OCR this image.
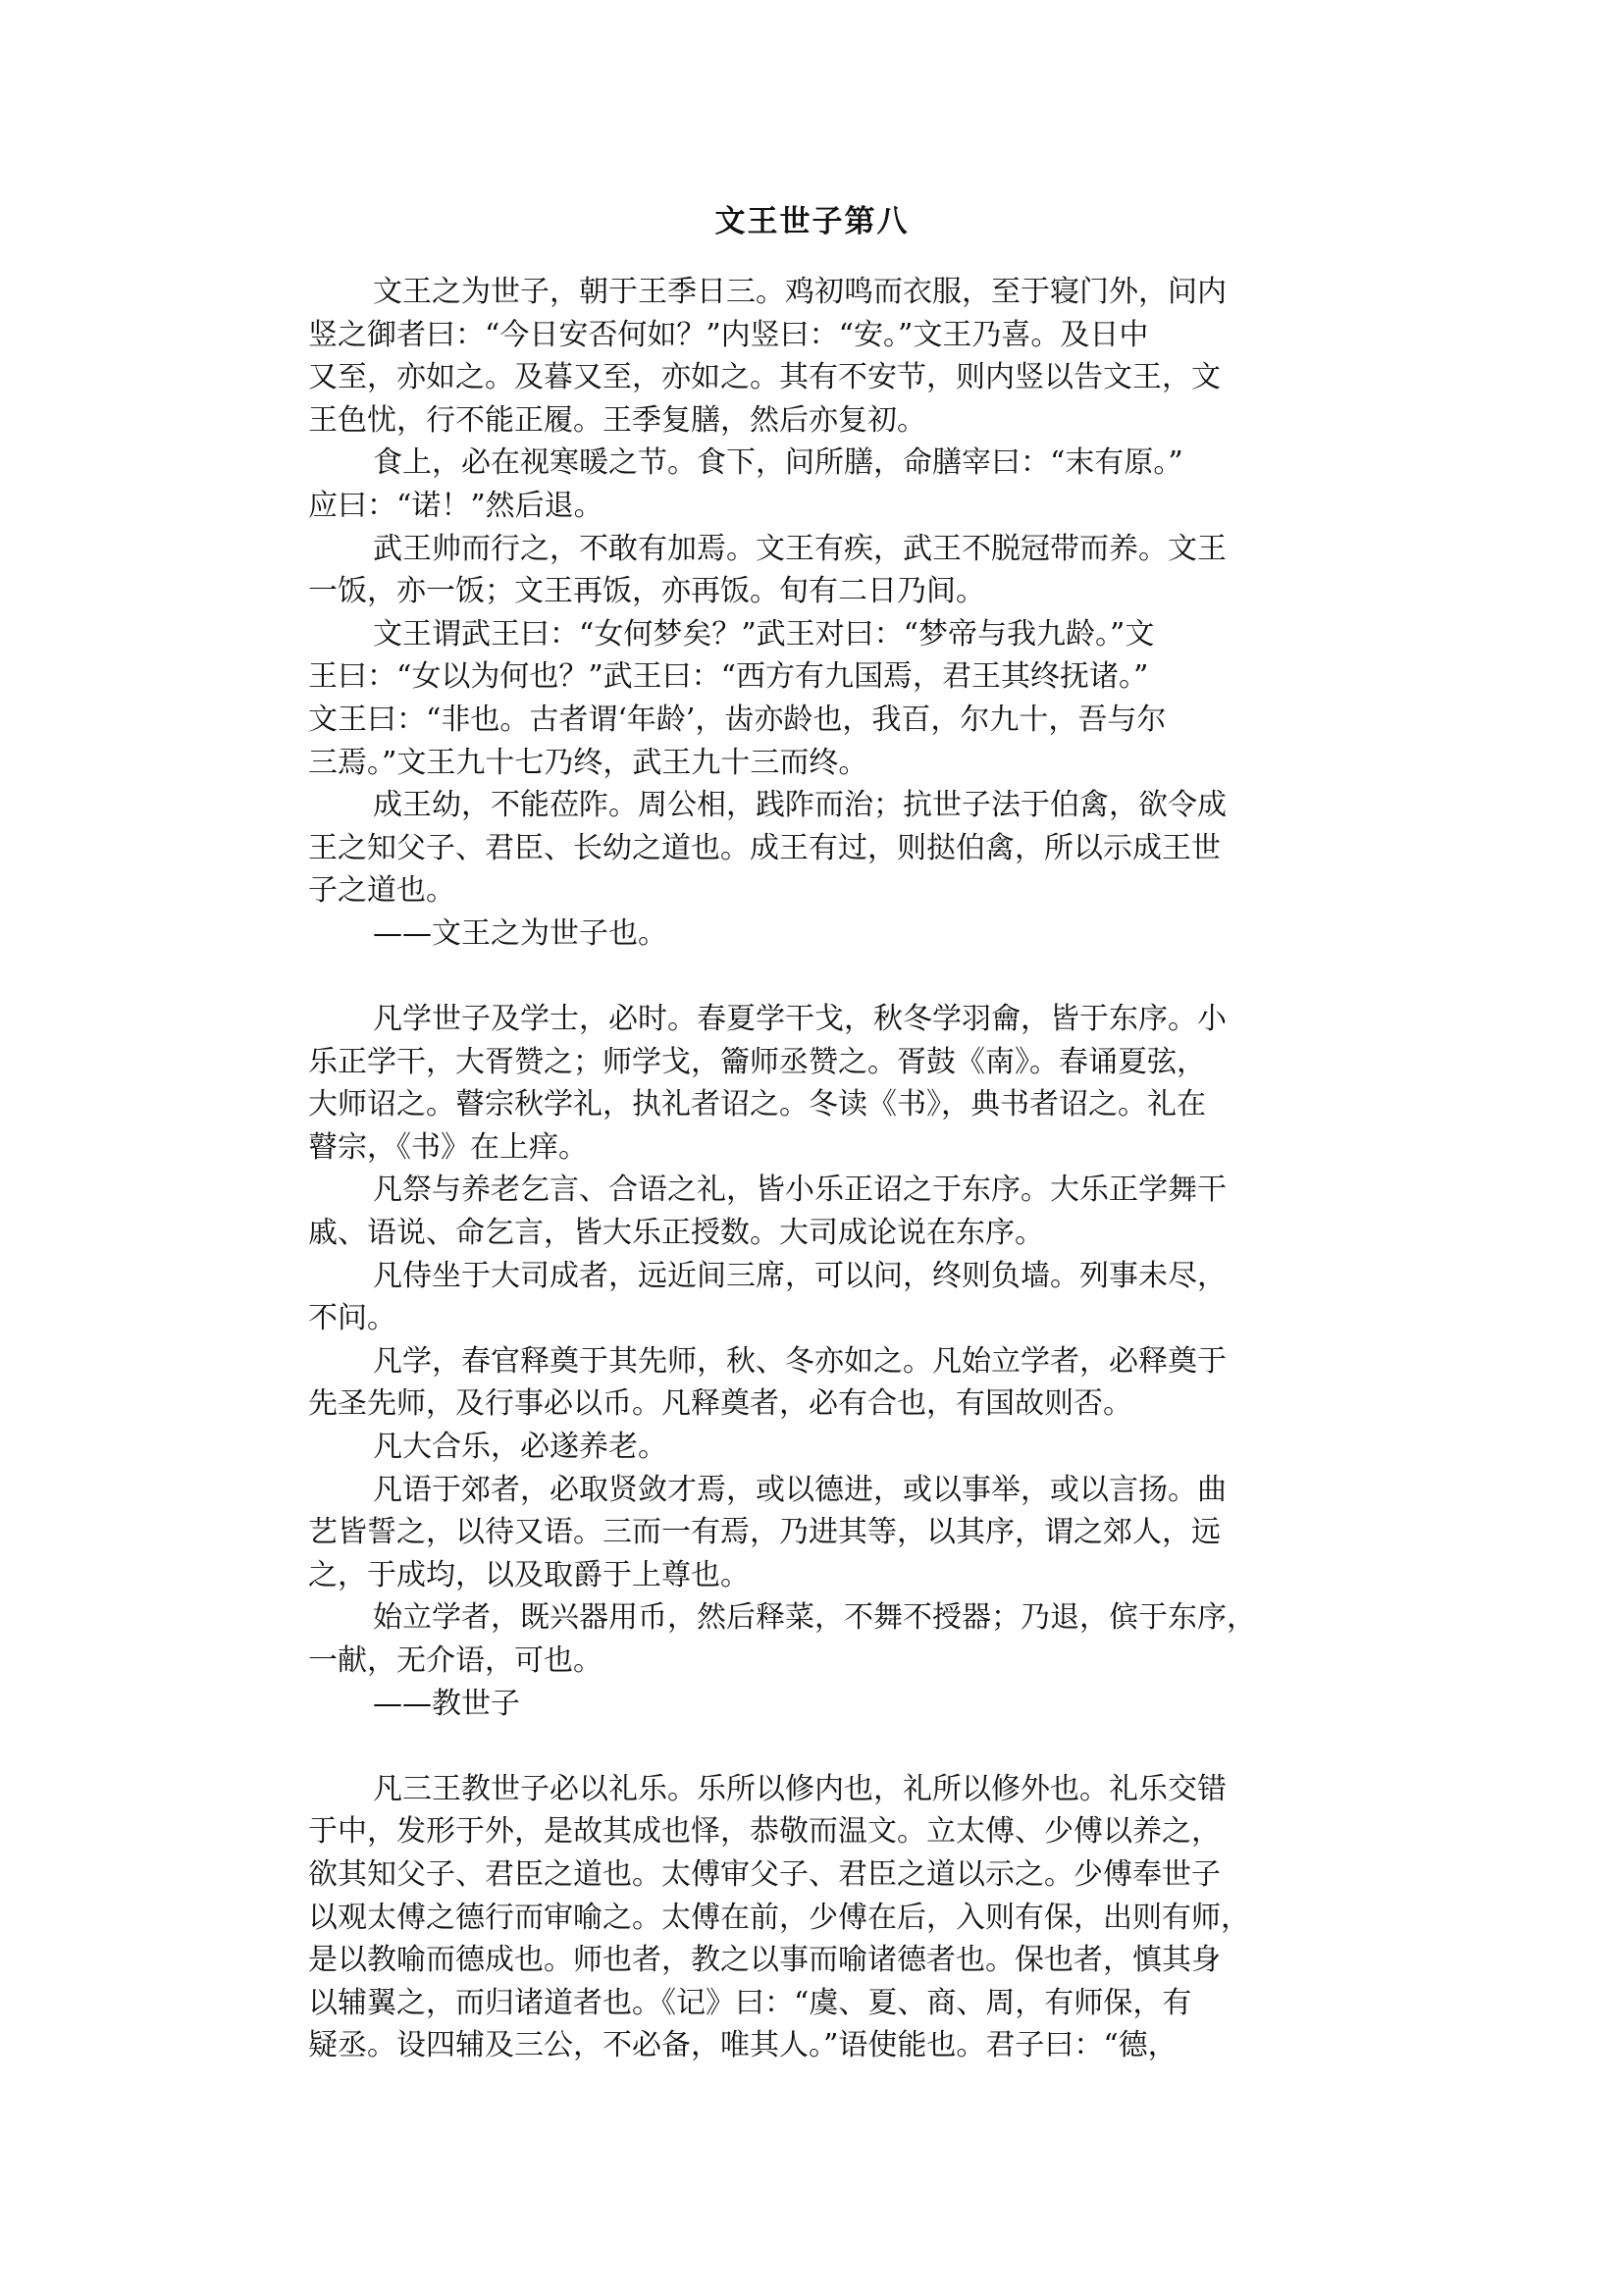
文王世子第八
文王之为世子，朝于王季日三。鸡初鸣而衣服，至于寝门外，问内
竖之御者曰：“今日安否何如？”内竖曰：“安。”文王乃喜。及日中
又至，亦如之。及暮又至，亦如之。其有不安节，则内竖以告文王，文
王色忧，行不能正履。王季复膳，然后亦复初。
食上，必在视寒暖之节。食下，问所膳，命膳宰曰：“末有原。”
应曰：“诺！”然后退。
武王帅而行之，不敢有加焉。文王有疾，武王不脱冠带而养。文王
一饭，亦一饭；文王再饭，亦再饭。旬有二日乃间。
文王谓武王曰：“女何梦矣？”武王对曰：“梦帝与我九龄。”文
王曰：“女以为何也？”武王曰：“西方有九国焉，君王其终抚诸。”
文王曰：“非也。古者谓‘年龄’，齿亦龄也，我百，尔九十，吾与尔
三焉。”文王九十七乃终，武王九十三而终。
成王幼，不能莅阼。周公相，践阼而治；抗世子法于伯禽，欲令成
王之知父子、君臣、长幼之道也。成王有过，则挞伯禽，所以示成王世
子之道也。
——文王之为世子也。
凡学世子及学士，必时。春夏学干戈，秋冬学羽龠，皆于东序。小
乐正学干，大胥赞之；师学戈，籥师丞赞之。胥鼓《南》。春诵夏弦，
大师诏之。瞽宗秋学礼，执礼者诏之。冬读《书》，典书者诏之。礼在
瞽宗，《书》在上痒。
凡祭与养老乞言、合语之礼，皆小乐正诏之于东序。大乐正学舞干
戚、语说、命乞言，皆大乐正授数。大司成论说在东序。
凡侍坐于大司成者，远近间三席，可以问，终则负墙。列事未尽，
不问。
凡学，春官释奠于其先师，秋、冬亦如之。凡始立学者，必释奠于
先圣先师，及行事必以币。凡释奠者，必有合也，有国故则否。
凡大合乐，必遂养老。
凡语于郊者，必取贤敛才焉，或以德进，或以事举，或以言扬。曲
艺皆誓之，以待又语。三而一有焉，乃进其等，以其序，谓之郊人，远
之，于成均，以及取爵于上尊也。
始立学者，既兴器用币，然后释菜，不舞不授器；乃退，傧于东序，
一献，无介语，可也。
——教世子
凡三王教世子必以礼乐。乐所以修内也，礼所以修外也。礼乐交错
于中，发形于外，是故其成也怿，恭敬而温文。立太傅、少傅以养之，
欲其知父子、君臣之道也。太傅审父子、君臣之道以示之。少傅奉世子
以观太傅之德行而审喻之。太傅在前，少傅在后，入则有保，出则有师，
是以教喻而德成也。师也者，教之以事而喻诸德者也。保也者，慎其身
以辅翼之，而归诸道者也。《记》曰：“虞、夏、商、周，有师保，有
疑丞。设四辅及三公，不必备，唯其人。”语使能也。君子曰：“德，
